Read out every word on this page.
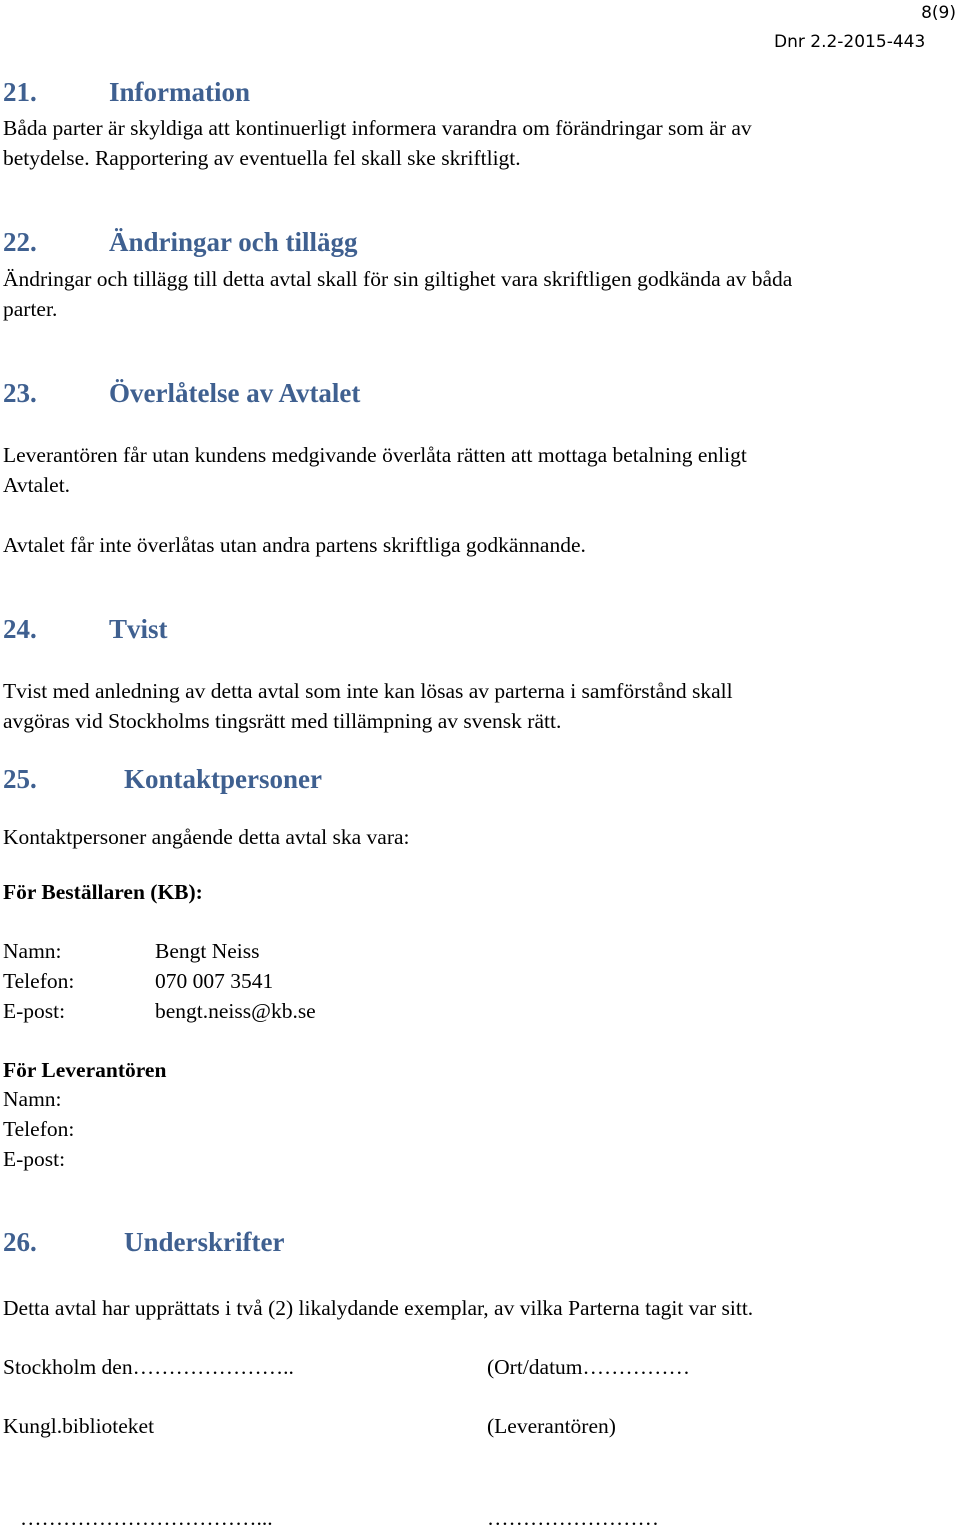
8(9)
Dnr 2.2-2015-443
21.	Information
Båda parter är skyldiga att kontinuerligt informera varandra om förändringar som är av
betydelse. Rapportering av eventuella fel skall ske skriftligt.
22.	Ändringar och tillägg
Ändringar och tillägg till detta avtal skall för sin giltighet vara skriftligen godkända av båda
parter.
23.	Överlåtelse av Avtalet
Leverantören får utan kundens medgivande överlåta rätten att mottaga betalning enligt
Avtalet.
Avtalet får inte överlåtas utan andra partens skriftliga godkännande.
24.	Tvist
Tvist med anledning av detta avtal som inte kan lösas av parterna i samförstånd skall
avgöras vid Stockholms tingsrätt med tillämpning av svensk rätt.
25.	Kontaktpersoner
Kontaktpersoner angående detta avtal ska vara:
För Beställaren (KB):
Namn:	Bengt Neiss
Telefon:	070 007 3541
E-post:	bengt.neiss@kb.se
För Leverantören
Namn:
Telefon:
E-post:
26.	Underskrifter
Detta avtal har upprättats i två (2) likalydande exemplar, av vilka Parterna tagit var sitt.
Stockholm den…………………..	(Ort/datum……………
Kungl.biblioteket	(Leverantören)
……………………………...	……………………
